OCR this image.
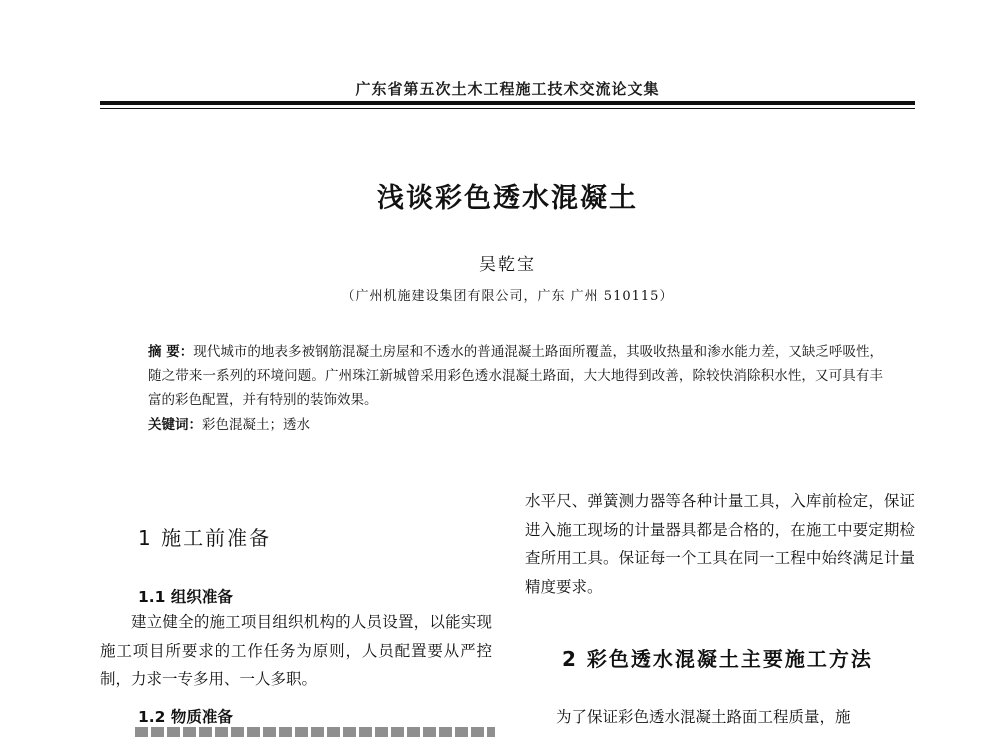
广东省第五次土木工程施工技术交流论文集
浅谈彩色透水混凝土
吴乾宝
（广州机施建设集团有限公司，广东 广州 510115）
摘 要：现代城市的地表多被钢筋混凝土房屋和不透水的普通混凝土路面所覆盖，其吸收热量和渗水能力差，又缺乏呼吸性，随之带来一系列的环境问题。广州珠江新城曾采用彩色透水混凝土路面，大大地得到改善，除较快消除积水性，又可具有丰富的彩色配置，并有特别的装饰效果。
关键词：彩色混凝土；透水
1 施工前准备
1.1 组织准备
建立健全的施工项目组织机构的人员设置，以能实现施工项目所要求的工作任务为原则，人员配置要从严控制，力求一专多用、一人多职。
1.2 物质准备
水平尺、弹簧测力器等各种计量工具，入库前检定，保证进入施工现场的计量器具都是合格的，在施工中要定期检查所用工具。保证每一个工具在同一工程中始终满足计量精度要求。
2 彩色透水混凝土主要施工方法
为了保证彩色透水混凝土路面工程质量，施
